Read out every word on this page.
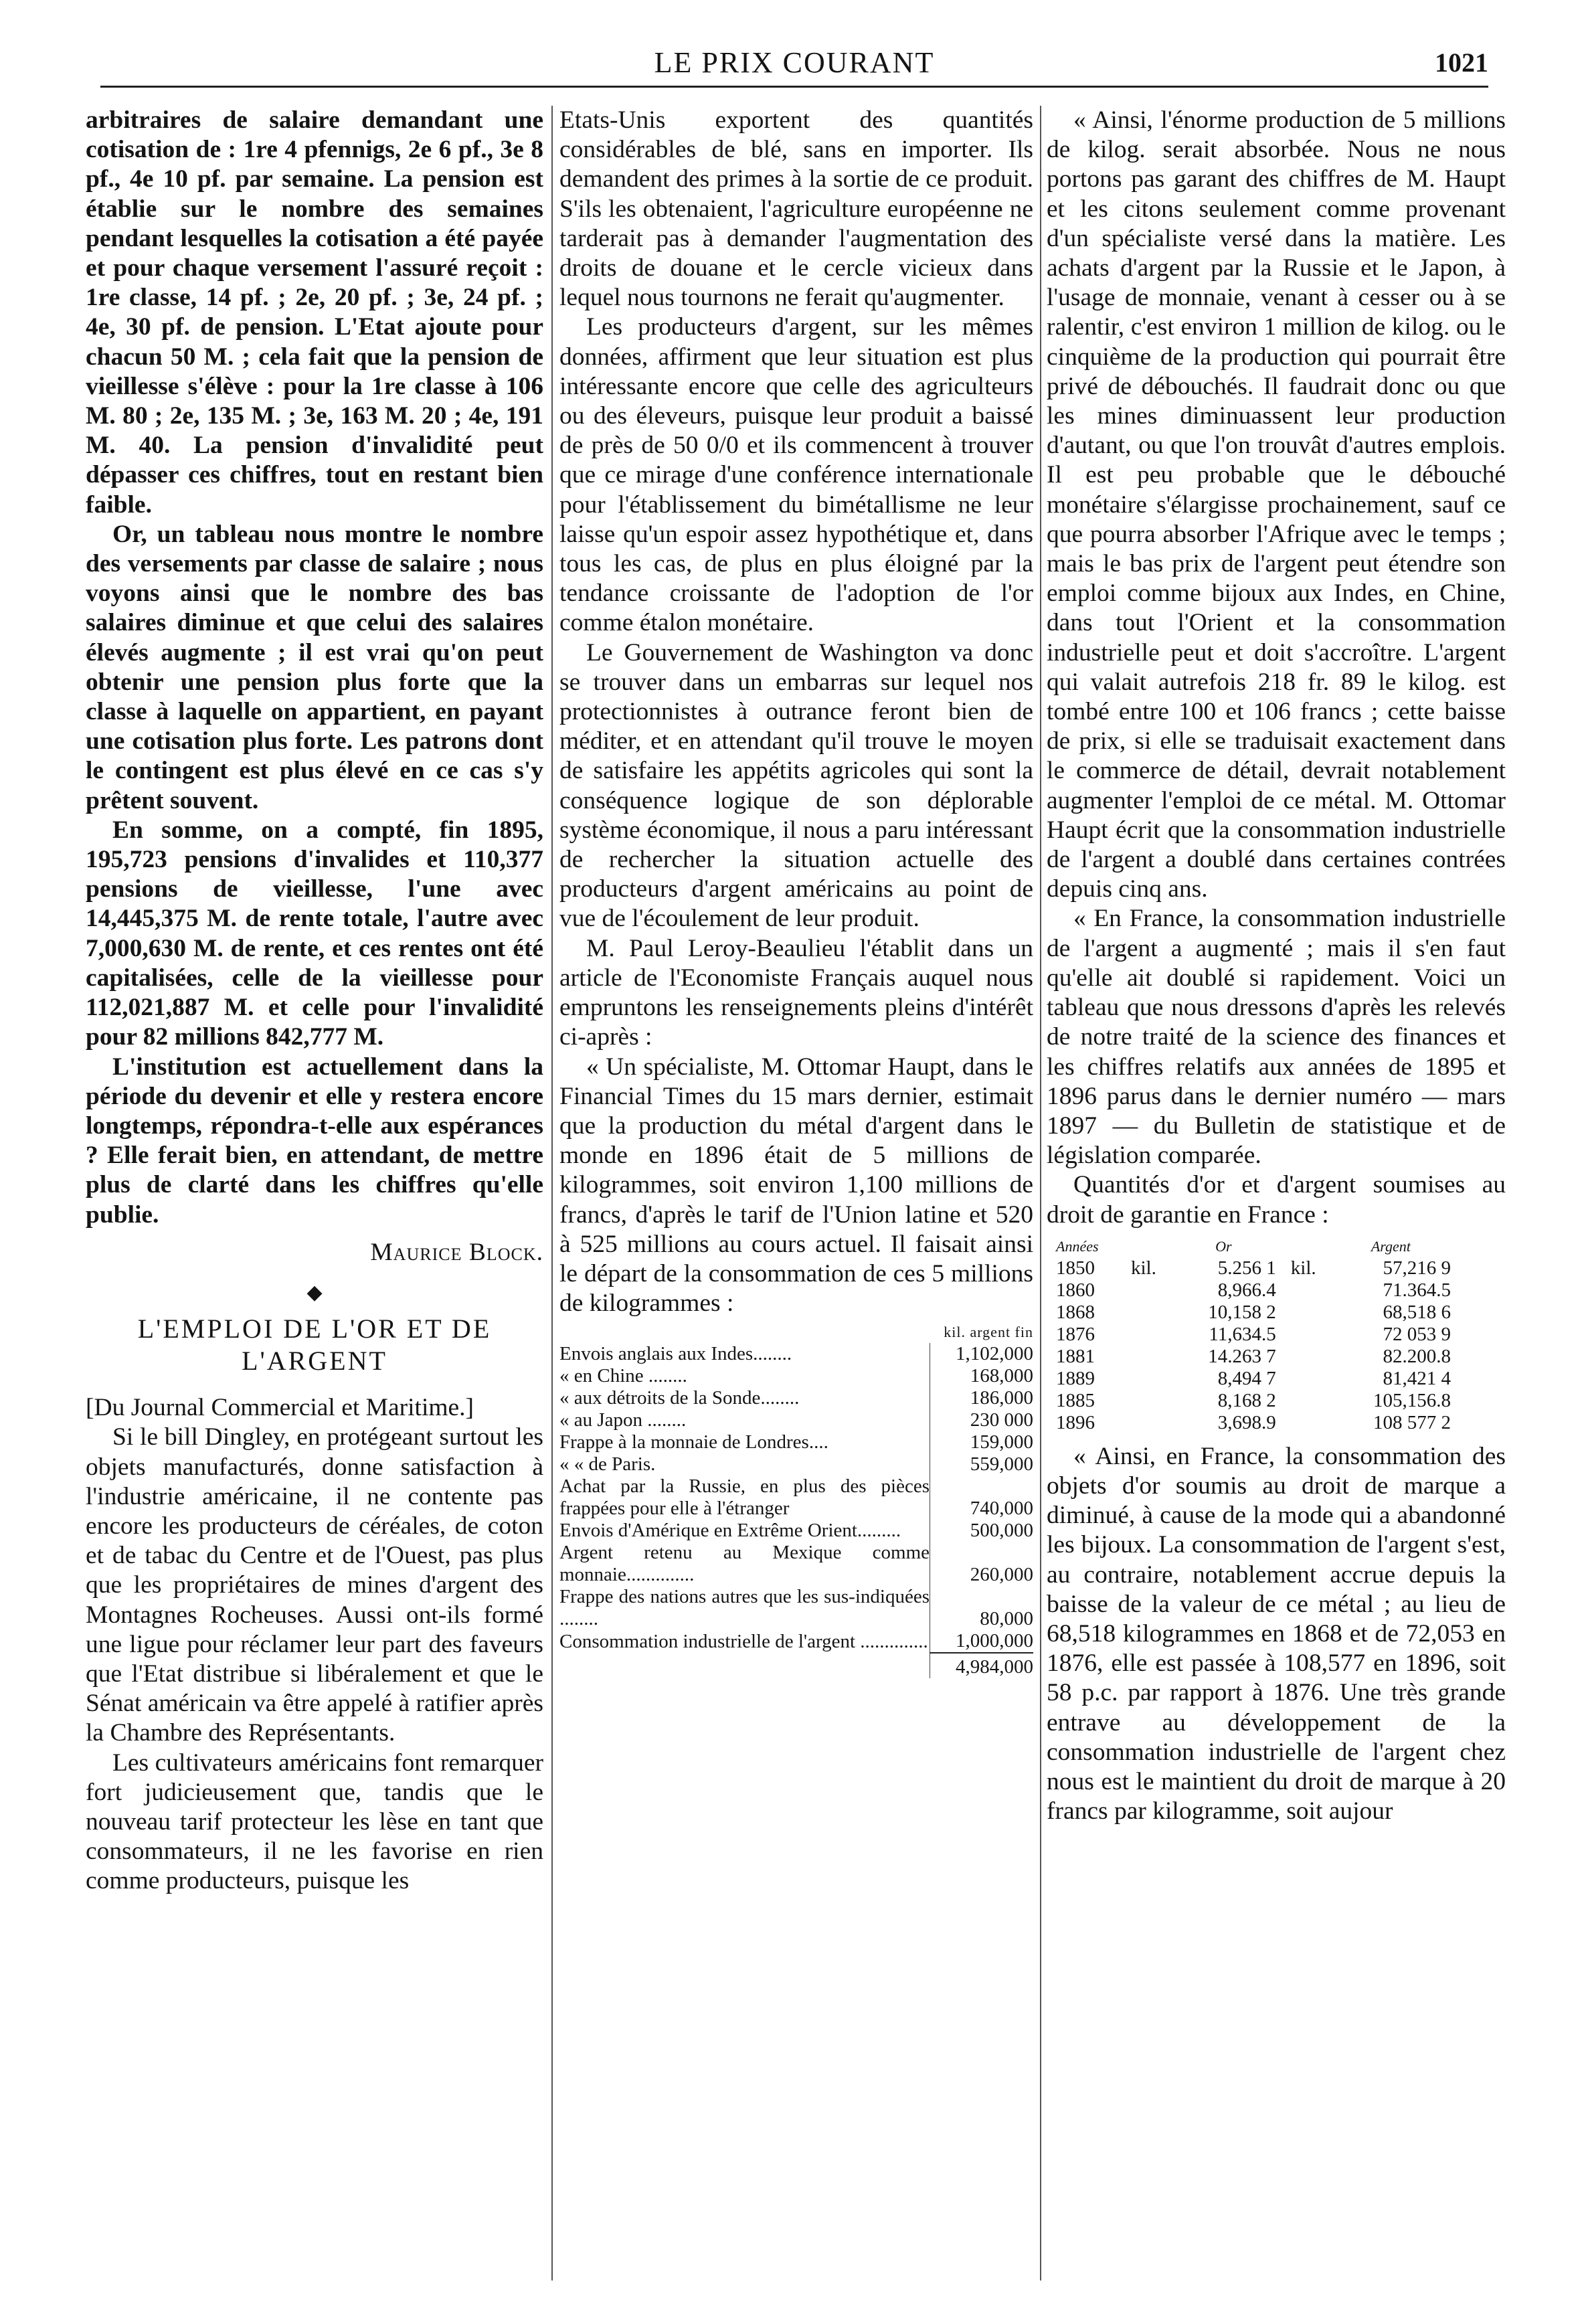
LE PRIX COURANT	1021

arbitraires de salaire demandant une cotisation de : 1re 4 pfennigs, 2e 6 pf., 3e 8 pf., 4e 10 pf. par semaine. La pension est établie sur le nombre des semaines pendant lesquelles la cotisation a été payée et pour chaque versement l'assuré reçoit : 1re classe, 14 pf. ; 2e, 20 pf. ; 3e, 24 pf. ; 4e, 30 pf. de pension. L'Etat ajoute pour chacun 50 M. ; cela fait que la pension de vieillesse s'élève : pour la 1re classe à 106 M. 80 ; 2e, 135 M. ; 3e, 163 M. 20 ; 4e, 191 M. 40. La pension d'invalidité peut dépasser ces chiffres, tout en restant bien faible.

Or, un tableau nous montre le nombre des versements par classe de salaire ; nous voyons ainsi que le nombre des bas salaires diminue et que celui des salaires élevés augmente ; il est vrai qu'on peut obtenir une pension plus forte que la classe à laquelle on appartient, en payant une cotisation plus forte. Les patrons dont le contingent est plus élevé en ce cas s'y prêtent souvent.

En somme, on a compté, fin 1895, 195,723 pensions d'invalides et 110,377 pensions de vieillesse, l'une avec 14,445,375 M. de rente totale, l'autre avec 7,000,630 M. de rente, et ces rentes ont été capitalisées, celle de la vieillesse pour 112,021,887 M. et celle pour l'invalidité pour 82 millions 842,777 M.

L'institution est actuellement dans la période du devenir et elle y restera encore longtemps, répondra-t-elle aux espérances ? Elle ferait bien, en attendant, de mettre plus de clarté dans les chiffres qu'elle publie.

Maurice Block.
◆
L'EMPLOI DE L'OR ET DE L'ARGENT

[Du Journal Commercial et Maritime.]

Si le bill Dingley, en protégeant surtout les objets manufacturés, donne satisfaction à l'industrie américaine, il ne contente pas encore les producteurs de céréales, de coton et de tabac du Centre et de l'Ouest, pas plus que les propriétaires de mines d'argent des Montagnes Rocheuses. Aussi ont-ils formé une ligue pour réclamer leur part des faveurs que l'Etat distribue si libéralement et que le Sénat américain va être appelé à ratifier après la Chambre des Représentants.

Les cultivateurs américains font remarquer fort judicieusement que, tandis que le nouveau tarif protecteur les lèse en tant que consommateurs, il ne les favorise en rien comme producteurs, puisque les

Etats-Unis exportent des quantités considérables de blé, sans en importer. Ils demandent des primes à la sortie de ce produit. S'ils les obtenaient, l'agriculture européenne ne tarderait pas à demander l'augmentation des droits de douane et le cercle vicieux dans lequel nous tournons ne ferait qu'augmenter.

Les producteurs d'argent, sur les mêmes données, affirment que leur situation est plus intéressante encore que celle des agriculteurs ou des éleveurs, puisque leur produit a baissé de près de 50 0/0 et ils commencent à trouver que ce mirage d'une conférence internationale pour l'établissement du bimétallisme ne leur laisse qu'un espoir assez hypothétique et, dans tous les cas, de plus en plus éloigné par la tendance croissante de l'adoption de l'or comme étalon monétaire.

Le Gouvernement de Washington va donc se trouver dans un embarras sur lequel nos protectionnistes à outrance feront bien de méditer, et en attendant qu'il trouve le moyen de satisfaire les appétits agricoles qui sont la conséquence logique de son déplorable système économique, il nous a paru intéressant de rechercher la situation actuelle des producteurs d'argent américains au point de vue de l'écoulement de leur produit.

M. Paul Leroy-Beaulieu l'établit dans un article de l'Economiste Français auquel nous empruntons les renseignements pleins d'intérêt ci-après :

« Un spécialiste, M. Ottomar Haupt, dans le Financial Times du 15 mars dernier, estimait que la production du métal d'argent dans le monde en 1896 était de 5 millions de kilogrammes, soit environ 1,100 millions de francs, d'après le tarif de l'Union latine et 520 à 525 millions au cours actuel. Il faisait ainsi le départ de la consommation de ces 5 millions de kilogrammes :

	kil. argent fin
Envois anglais aux Indes........	1,102,000
« en Chine ........	168,000
« aux détroits de la Sonde........	186,000
« au Japon ........	230 000
Frappe à la monnaie de Londres....	159,000
« « de Paris.	559,000
Achat par la Russie, en plus des pièces frappées pour elle à l'étranger	740,000
Envois d'Amérique en Extrême Orient.........	500,000
Argent retenu au Mexique comme monnaie..............	260,000
Frappe des nations autres que les sus-indiquées ........	80,000
Consommation industrielle de l'argent ..............	1,000,000
	4,984,000

« Ainsi, l'énorme production de 5 millions de kilog. serait absorbée. Nous ne nous portons pas garant des chiffres de M. Haupt et les citons seulement comme provenant d'un spécialiste versé dans la matière. Les achats d'argent par la Russie et le Japon, à l'usage de monnaie, venant à cesser ou à se ralentir, c'est environ 1 million de kilog. ou le cinquième de la production qui pourrait être privé de débouchés. Il faudrait donc ou que les mines diminuassent leur production d'autant, ou que l'on trouvât d'autres emplois. Il est peu probable que le débouché monétaire s'élargisse prochainement, sauf ce que pourra absorber l'Afrique avec le temps ; mais le bas prix de l'argent peut étendre son emploi comme bijoux aux Indes, en Chine, dans tout l'Orient et la consommation industrielle peut et doit s'accroître. L'argent qui valait autrefois 218 fr. 89 le kilog. est tombé entre 100 et 106 francs ; cette baisse de prix, si elle se traduisait exactement dans le commerce de détail, devrait notablement augmenter l'emploi de ce métal. M. Ottomar Haupt écrit que la consommation industrielle de l'argent a doublé dans certaines contrées depuis cinq ans.

« En France, la consommation industrielle de l'argent a augmenté ; mais il s'en faut qu'elle ait doublé si rapidement. Voici un tableau que nous dressons d'après les relevés de notre traité de la science des finances et les chiffres relatifs aux années de 1895 et 1896 parus dans le dernier numéro — mars 1897 — du Bulletin de statistique et de législation comparée.

Quantités d'or et d'argent soumises au droit de garantie en France :

Années		Or		Argent
1850	kil.	5.256 1	kil.	57,216 9
1860		8,966.4		71.364.5
1868		10,158 2		68,518 6
1876		11,634.5		72 053 9
1881		14.263 7		82.200.8
1889		8,494 7		81,421 4
1885		8,168 2		105,156.8
1896		3,698.9		108 577 2

« Ainsi, en France, la consommation des objets d'or soumis au droit de marque a diminué, à cause de la mode qui a abandonné les bijoux. La consommation de l'argent s'est, au contraire, notablement accrue depuis la baisse de la valeur de ce métal ; au lieu de 68,518 kilogrammes en 1868 et de 72,053 en 1876, elle est passée à 108,577 en 1896, soit 58 p.c. par rapport à 1876. Une très grande entrave au développement de la consommation industrielle de l'argent chez nous est le maintient du droit de marque à 20 francs par kilogramme, soit aujour
